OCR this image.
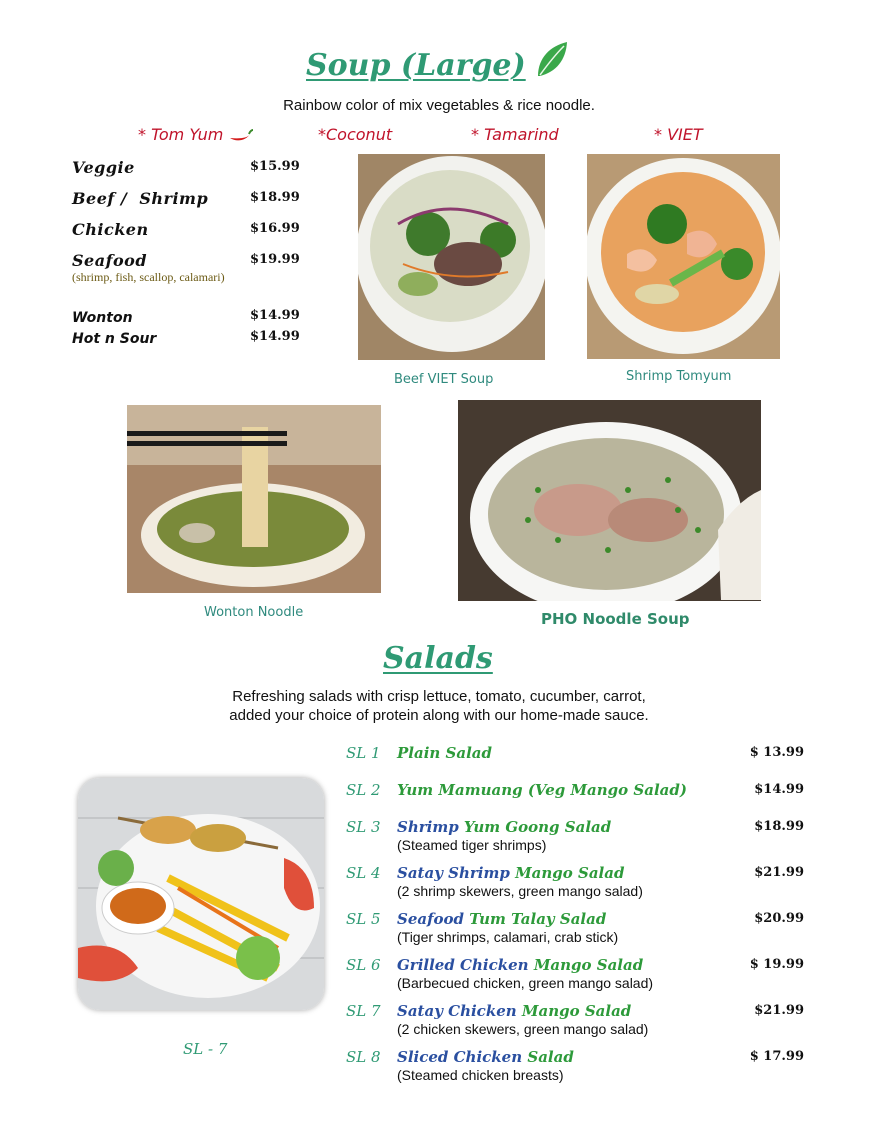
Soup (Large)
Rainbow color of mix vegetables & rice noodle.
* Tom Yum	*Coconut	* Tamarind	* VIET
Veggie	$15.99
Beef /  Shrimp	$18.99
Chicken	$16.99
Seafood	$19.99
(shrimp, fish, scallop, calamari)
Wonton	$14.99
Hot n Sour	$14.99
Beef VIET Soup	Shrimp Tomyum
Wonton Noodle	PHO Noodle Soup
Salads
Refreshing salads with crisp lettuce, tomato, cucumber, carrot,
added your choice of protein along with our home-made sauce.
SL - 7
SL 1 Plain Salad	$ 13.99
SL 2 Yum Mamuang (Veg Mango Salad)	$14.99
SL 3 Shrimp Yum Goong Salad	$18.99
(Steamed tiger shrimps)
SL 4 Satay Shrimp Mango Salad	$21.99
(2 shrimp skewers, green mango salad)
SL 5 Seafood Tum Talay Salad	$20.99
(Tiger shrimps, calamari, crab stick)
SL 6 Grilled Chicken Mango Salad	$ 19.99
(Barbecued chicken, green mango salad)
SL 7 Satay Chicken Mango Salad	$21.99
(2 chicken skewers, green mango salad)
SL 8 Sliced Chicken Salad	$ 17.99
(Steamed chicken breasts)
